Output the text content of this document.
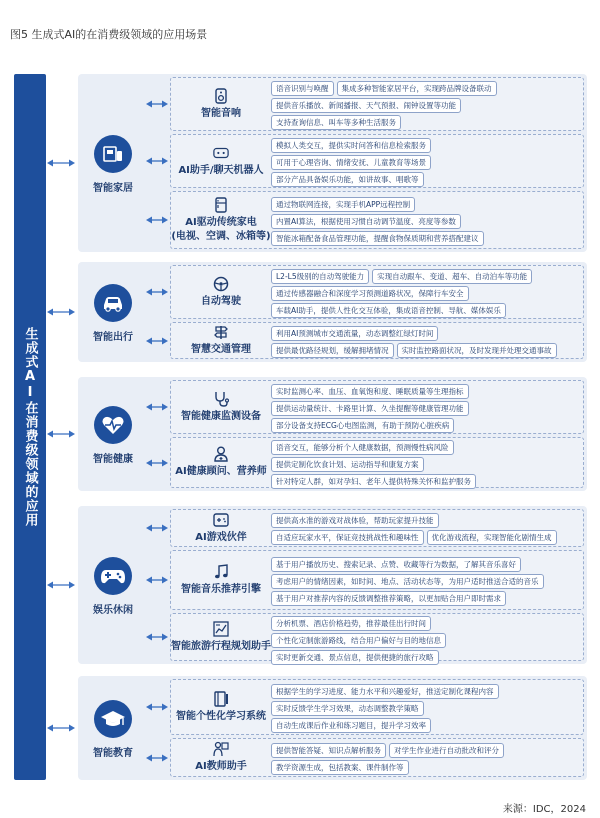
图5 生成式AI的在消费级领域的应用场景
生成式AI在消费级领域的应用
智能家居
智能音响
语音识别与唤醒	集成多种智能家居平台，实现跨品牌设备联动
提供音乐播放、新闻播报、天气预报、闹钟设置等功能
支持查询信息、叫车等多种生活服务
AI助手/聊天机器人
模拟人类交互，提供实时问答和信息检索服务
可用于心理咨询、情绪安抚、儿童教育等场景
部分产品具备娱乐功能，如讲故事、唱歌等
AI驱动传统家电
(电视、空调、冰箱等)
通过物联网连接，实现手机APP远程控制
内置AI算法，根据使用习惯自动调节温度、亮度等参数
智能冰箱配备食品管理功能，提醒食物保质期和营养搭配建议
智能出行
自动驾驶
L2-L5级别的自动驾驶能力	实现自动跟车、变道、超车、自动泊车等功能
通过传感器融合和深度学习预测道路状况，保障行车安全
车载AI助手，提供人性化交互体验，集成语音控制、导航、媒体娱乐
智慧交通管理
利用AI预测城市交通流量，动态调整红绿灯时间
提供最优路径规划，缓解拥堵情况	实时监控路面状况，及时发现并处理交通事故
智能健康
智能健康监测设备
实时监测心率、血压、血氧饱和度、睡眠质量等生理指标
提供运动量统计、卡路里计算、久坐提醒等健康管理功能
部分设备支持ECG心电图监测，有助于预防心脏疾病
AI健康顾问、营养师
语音交互，能够分析个人健康数据，预测慢性病风险
提供定制化饮食计划、运动指导和康复方案
针对特定人群，如对孕妇、老年人提供特殊关怀和监护服务
娱乐休闲
AI游戏伙伴
提供高水准的游戏对战体验，帮助玩家提升技能
自适应玩家水平，保证竞技挑战性和趣味性	优化游戏流程，实现智能化剧情生成
智能音乐推荐引擎
基于用户播放历史、搜索记录、点赞、收藏等行为数据，了解其音乐喜好
考虑用户的情绪因素，如时间、地点、活动状态等，为用户适时推送合适的音乐
基于用户对推荐内容的反馈调整推荐策略，以更加贴合用户即时需求
智能旅游行程规划助手
分析机票、酒店价格趋势，推荐最佳出行时间
个性化定制旅游路线，结合用户偏好与目的地信息
实时更新交通、景点信息，提供便捷的旅行攻略
智能教育
智能个性化学习系统
根据学生的学习进度、能力水平和兴趣爱好，推送定制化课程内容
实时反馈学生学习效果，动态调整教学策略
自动生成课后作业和练习题目，提升学习效率
AI教师助手
提供智能答疑、知识点解析服务	对学生作业进行自动批改和评分
教学资源生成，包括教案、课件制作等
来源：IDC，2024
